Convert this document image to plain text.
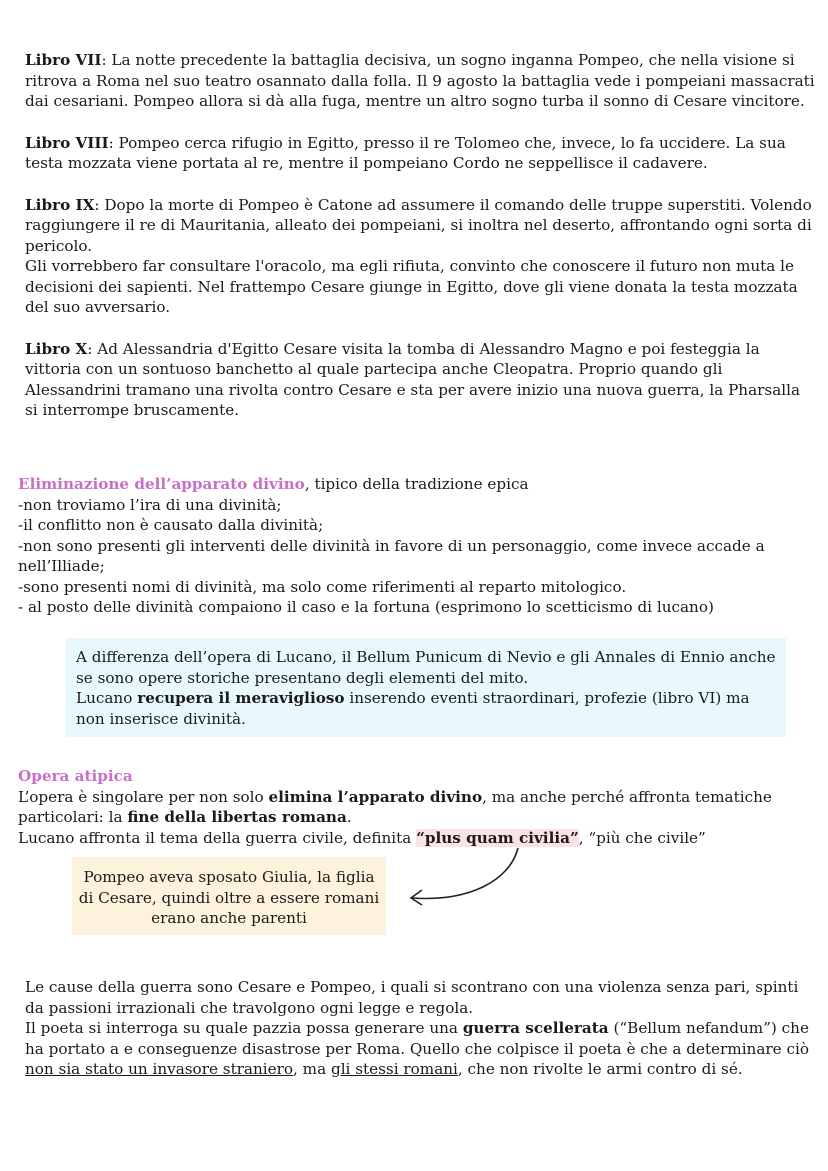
Libro VII: La notte precedente la battaglia decisiva, un sogno inganna Pompeo, che nella visione si ritrova a Roma nel suo teatro osannato dalla folla. Il 9 agosto la battaglia vede i pompeiani massacrati dai cesariani. Pompeo allora si dà alla fuga, mentre un altro sogno turba il sonno di Cesare vincitore.

Libro VIII: Pompeo cerca rifugio in Egitto, presso il re Tolomeo che, invece, lo fa uccidere. La sua testa mozzata viene portata al re, mentre il pompeiano Cordo ne seppellisce il cadavere.

Libro IX: Dopo la morte di Pompeo è Catone ad assumere il comando delle truppe superstiti. Volendo raggiungere il re di Mauritania, alleato dei pompeiani, si inoltra nel deserto, affrontando ogni sorta di pericolo.
Gli vorrebbero far consultare l'oracolo, ma egli rifiuta, convinto che conoscere il futuro non muta le decisioni dei sapienti. Nel frattempo Cesare giunge in Egitto, dove gli viene donata la testa mozzata del suo avversario.

Libro X: Ad Alessandria d'Egitto Cesare visita la tomba di Alessandro Magno e poi festeggia la vittoria con un sontuoso banchetto al quale partecipa anche Cleopatra. Proprio quando gli Alessandrini tramano una rivolta contro Cesare e sta per avere inizio una nuova guerra, la Pharsalla si interrompe bruscamente.

Eliminazione dell’apparato divino, tipico della tradizione epica
-non troviamo l’ira di una divinità;
-il conflitto non è causato dalla divinità;
-non sono presenti gli interventi delle divinità in favore di un personaggio, come invece accade a nell’Illiade;
-sono presenti nomi di divinità, ma solo come riferimenti al reparto mitologico.
- al posto delle divinità compaiono il caso e la fortuna (esprimono lo scetticismo di lucano)
A differenza dell’opera di Lucano, il Bellum Punicum di Nevio e gli Annales di Ennio anche se sono opere storiche presentano degli elementi del mito.
Lucano recupera il meraviglioso inserendo eventi straordinari, profezie (libro VI) ma non inserisce divinità.
Opera atipica
L’opera è singolare per non solo elimina l’apparato divino, ma anche perché affronta tematiche particolari: la fine della libertas romana.
Lucano affronta il tema della guerra civile, definita “plus quam civilia”, “più che civile”
Pompeo aveva sposato Giulia, la figlia di Cesare, quindi oltre a essere romani erano anche parenti
Le cause della guerra sono Cesare e Pompeo, i quali si scontrano con una violenza senza pari, spinti da passioni irrazionali che travolgono ogni legge e regola.
Il poeta si interroga su quale pazzia possa generare una guerra scellerata (“Bellum nefandum”) che ha portato a e conseguenze disastrose per Roma. Quello che colpisce il poeta è che a determinare ciò non sia stato un invasore straniero, ma gli stessi romani, che non rivolte le armi contro di sé.
